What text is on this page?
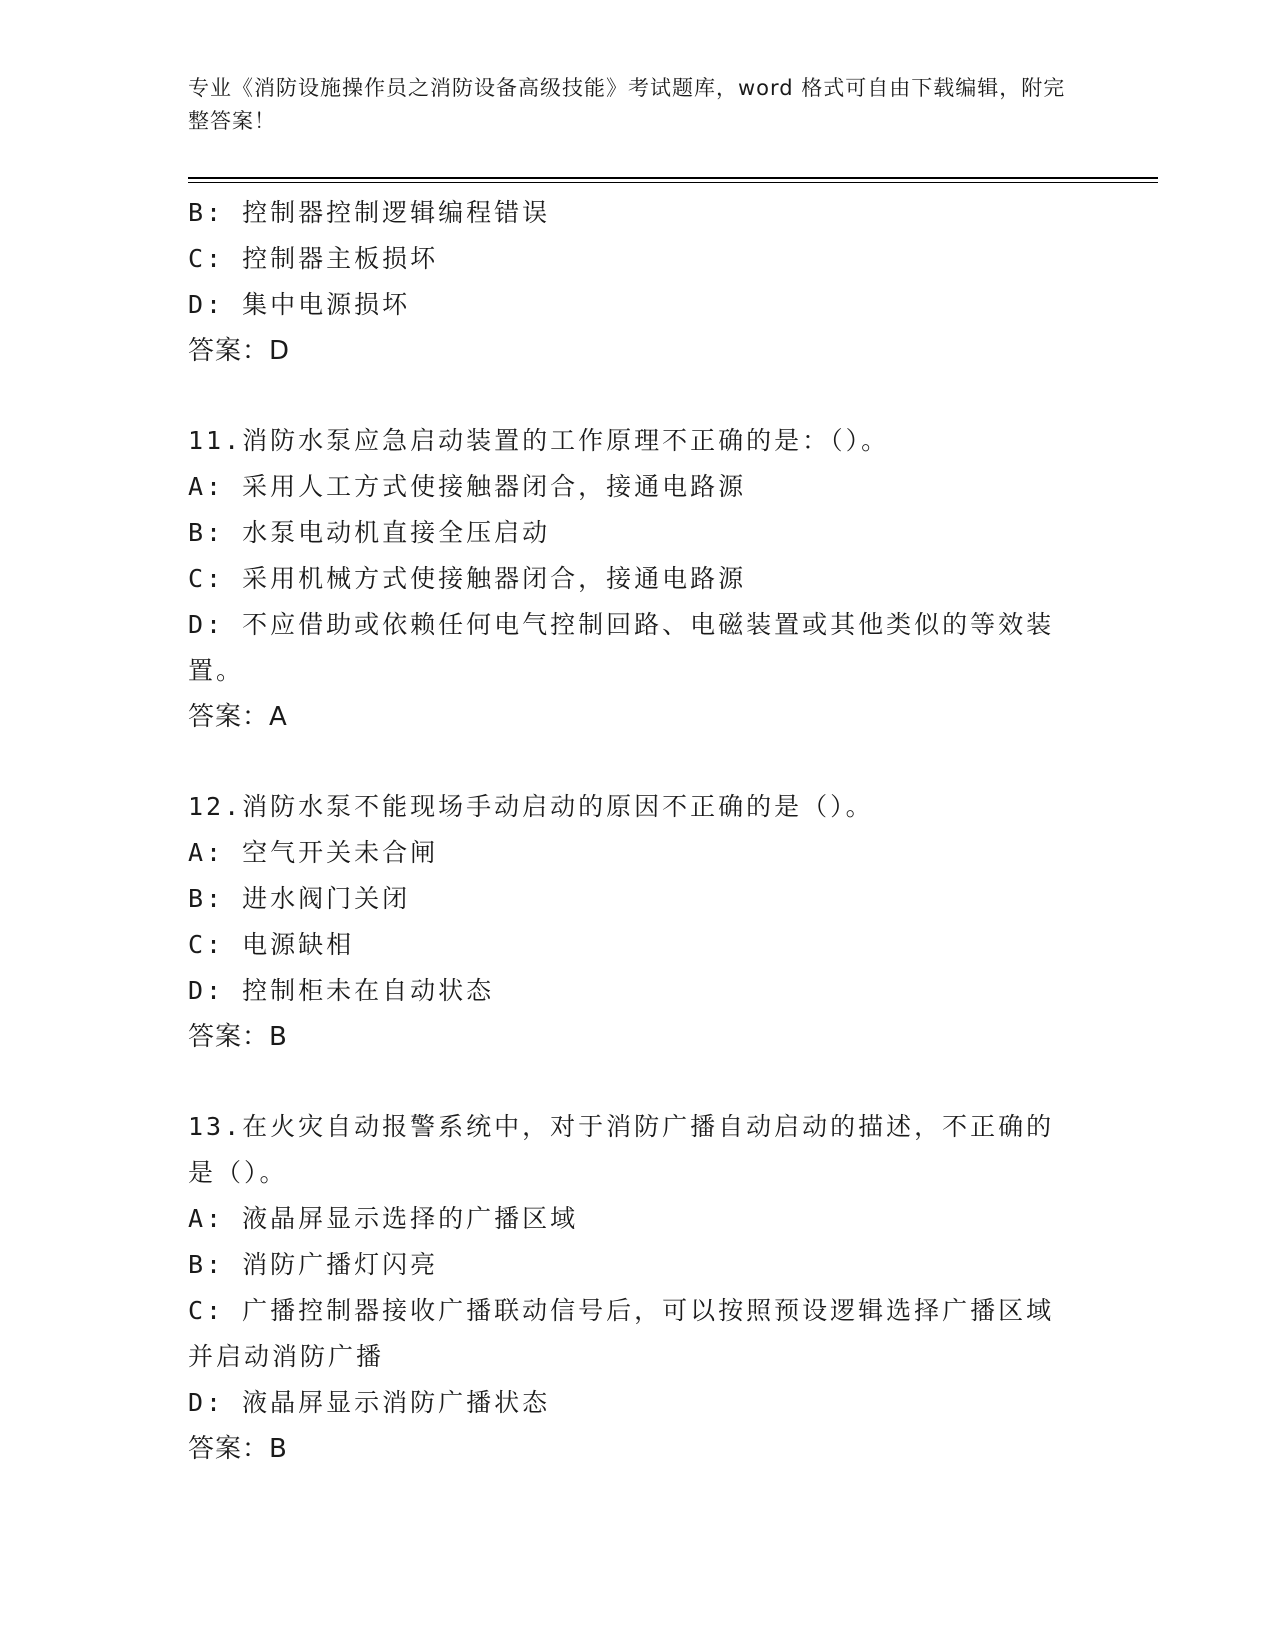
专业《消防设施操作员之消防设备高级技能》考试题库，word 格式可自由下载编辑，附完整答案！
B: 控制器控制逻辑编程错误
C: 控制器主板损坏
D: 集中电源损坏
答案：D
11.消防水泵应急启动装置的工作原理不正确的是：（）。
A: 采用人工方式使接触器闭合，接通电路源
B: 水泵电动机直接全压启动
C: 采用机械方式使接触器闭合，接通电路源
D: 不应借助或依赖任何电气控制回路、电磁装置或其他类似的等效装置。
答案：A
12.消防水泵不能现场手动启动的原因不正确的是（）。
A: 空气开关未合闸
B: 进水阀门关闭
C: 电源缺相
D: 控制柜未在自动状态
答案：B
13.在火灾自动报警系统中，对于消防广播自动启动的描述，不正确的是（）。
A: 液晶屏显示选择的广播区域
B: 消防广播灯闪亮
C: 广播控制器接收广播联动信号后，可以按照预设逻辑选择广播区域并启动消防广播
D: 液晶屏显示消防广播状态
答案：B
